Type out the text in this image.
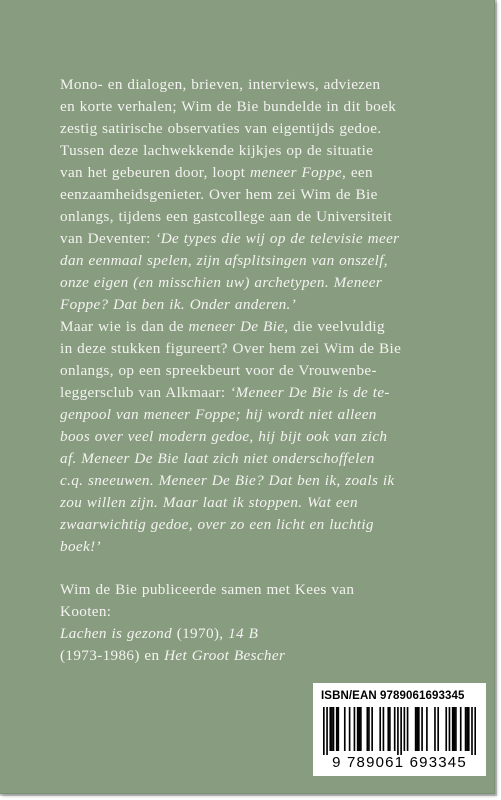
Mono- en dialogen, brieven, interviews, adviezen
en korte verhalen; Wim de Bie bundelde in dit boek
zestig satirische observaties van eigentijds gedoe.
Tussen deze lachwekkende kijkjes op de situatie
van het gebeuren door, loopt meneer Foppe, een
eenzaamheidsgenieter. Over hem zei Wim de Bie
onlangs, tijdens een gastcollege aan de Universiteit
van Deventer: ‘De types die wij op de televisie meer
dan eenmaal spelen, zijn afsplitsingen van onszelf,
onze eigen (en misschien uw) archetypen. Meneer
Foppe? Dat ben ik. Onder anderen.’

Maar wie is dan de meneer De Bie, die veelvuldig
in deze stukken figureert? Over hem zei Wim de Bie
onlangs, op een spreekbeurt voor de Vrouwenbe-
leggersclub van Alkmaar: ‘Meneer De Bie is de te-
genpool van meneer Foppe; hij wordt niet alleen
boos over veel modern gedoe, hij bijt ook van zich
af. Meneer De Bie laat zich niet onderschoffelen
c.q. sneeuwen. Meneer De Bie? Dat ben ik, zoals ik
zou willen zijn. Maar laat ik stoppen. Wat een
zwaarwichtig gedoe, over zo een licht en luchtig
boek!’

Wim de Bie publiceerde samen met Kees van
Kooten:
Lachen is gezond (1970), 14 B
(1973-1986) en Het Groot Bescher

ISBN/EAN 9789061693345
9 789061 693345
